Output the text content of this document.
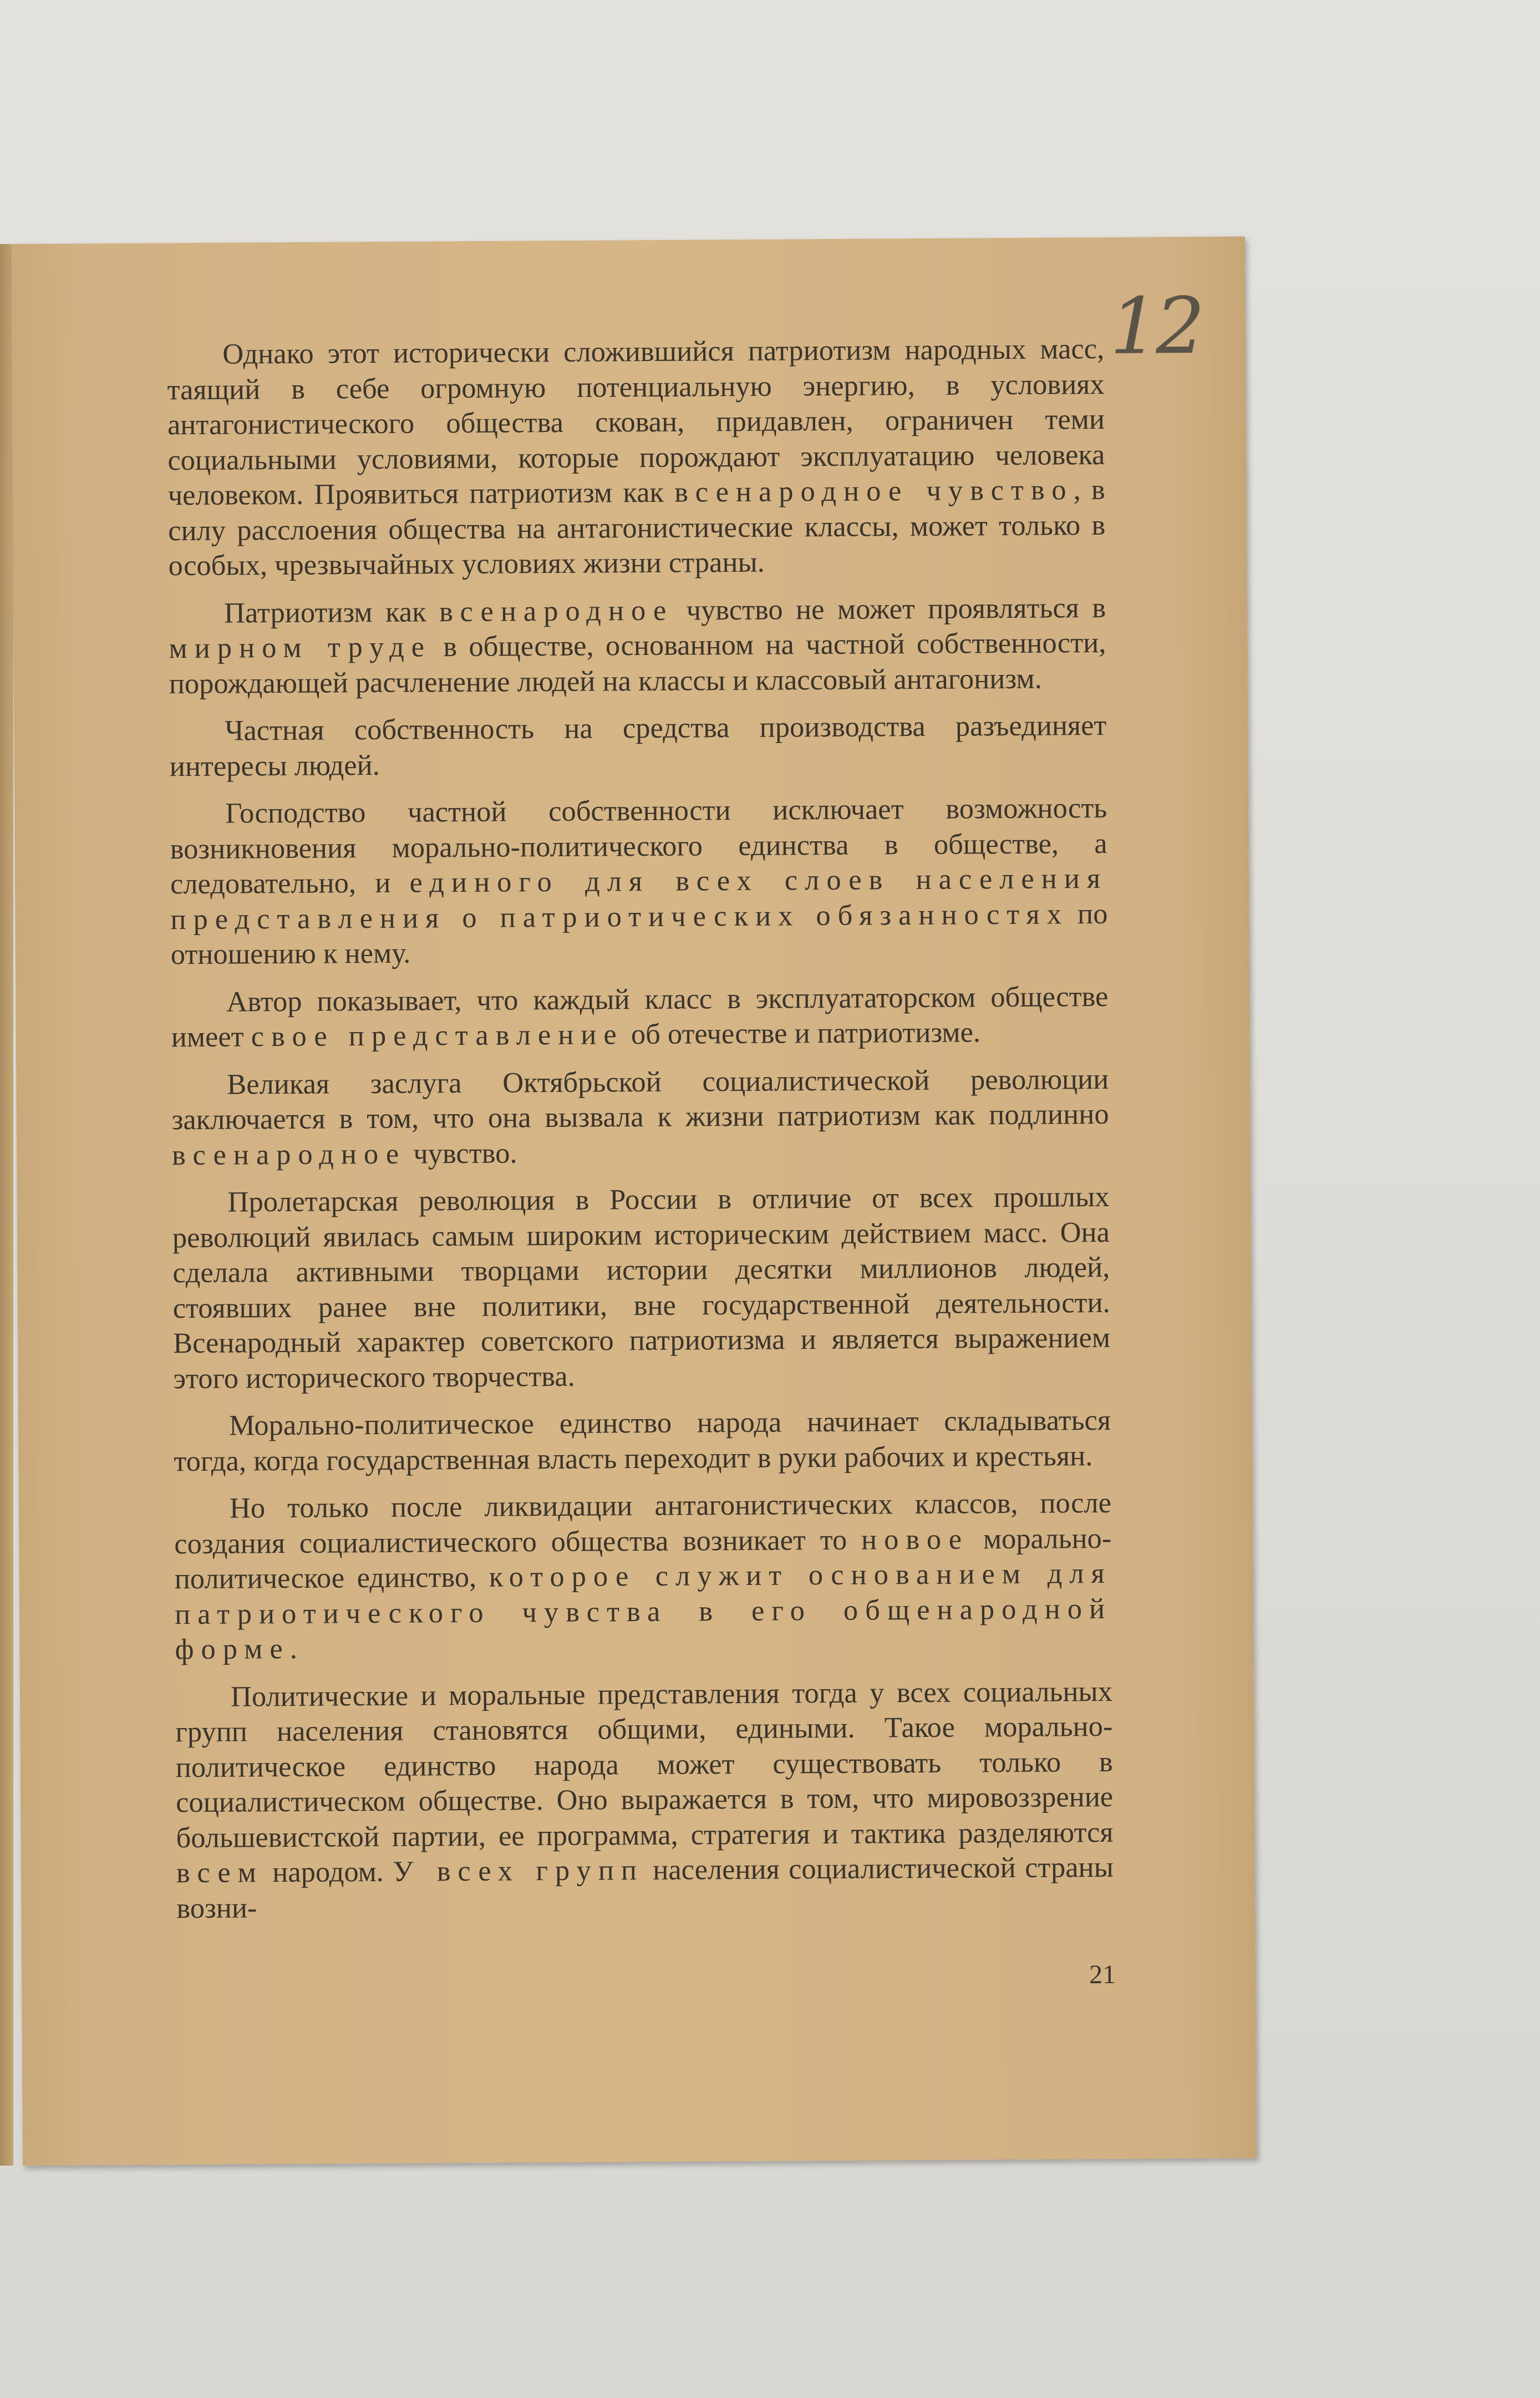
12

Однако этот исторически сложившийся патриотизм народных масс, таящий в себе огромную потенциальную энергию, в условиях антагонистического общества скован, придавлен, ограничен теми социальными условиями, которые порождают эксплуатацию человека человеком. Проявиться патриотизм как всенародное чувство, в силу расслоения общества на антагонистические классы, может только в особых, чрезвычайных условиях жизни страны.

Патриотизм как всенародное чувство не может проявляться в мирном труде в обществе, основанном на частной собственности, порождающей расчленение людей на классы и классовый антагонизм.

Частная собственность на средства производства разъединяет интересы людей.

Господство частной собственности исключает возможность возникновения морально-политического единства в обществе, а следовательно, и единого для всех слоев населения представления о патриотических обязанностях по отношению к нему.

Автор показывает, что каждый класс в эксплуататорском обществе имеет свое представление об отечестве и патриотизме.

Великая заслуга Октябрьской социалистической революции заключается в том, что она вызвала к жизни патриотизм как подлинно всенародное чувство.

Пролетарская революция в России в отличие от всех прошлых революций явилась самым широким историческим действием масс. Она сделала активными творцами истории десятки миллионов людей, стоявших ранее вне политики, вне государственной деятельности. Всенародный характер советского патриотизма и является выражением этого исторического творчества.

Морально-политическое единство народа начинает складываться тогда, когда государственная власть переходит в руки рабочих и крестьян.

Но только после ликвидации антагонистических классов, после создания социалистического общества возникает то новое морально-политическое единство, которое служит основанием для патриотического чувства в его общенародной форме.

Политические и моральные представления тогда у всех социальных групп населения становятся общими, едиными. Такое морально-политическое единство народа может существовать только в социалистическом обществе. Оно выражается в том, что мировоззрение большевистской партии, ее программа, стратегия и тактика разделяются всем народом. У всех групп населения социалистической страны возни-

21
